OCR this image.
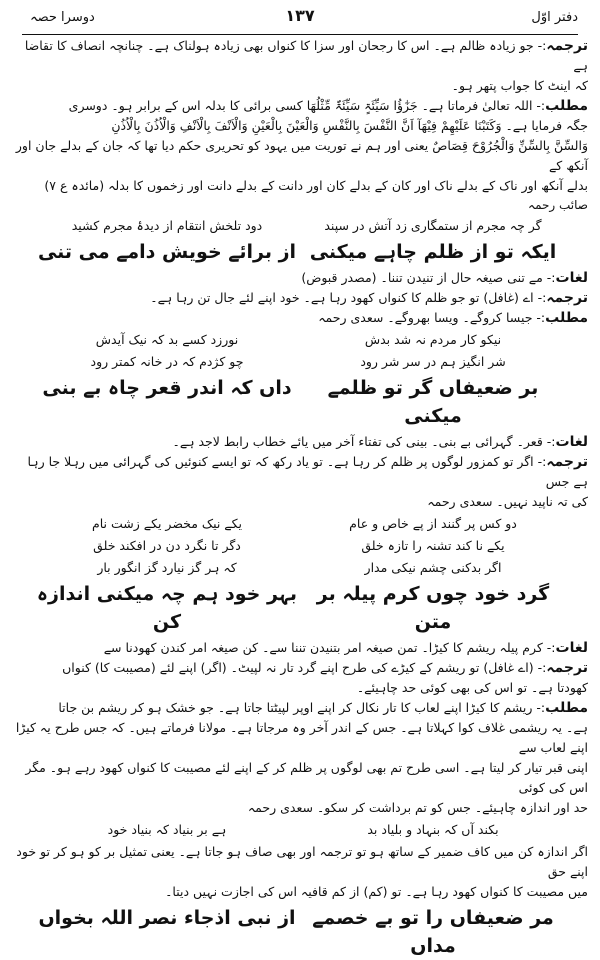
دفتر اوّل
۱۳۷
دوسرا حصہ

ترجمہ:- جو زیادہ ظالم ہے۔ اس کا رجحان اور سزا کا کنواں بھی زیادہ ہولناک ہے۔ چنانچہ انصاف کا تقاضا ہے

کہ اینٹ کا جواب پتھر ہو۔

مطلب:- اللہ تعالیٰ فرماتا ہے۔ جَزٰٓؤُا سَیِّئَۃٍ سَیِّئَۃٌ مِّثْلُھَا کسی برائی کا بدلہ اس کے برابر ہو۔ دوسری

جگہ فرمایا ہے۔ وَکَتَبْنَا عَلَیْھِمْ فِیْھَآ اَنَّ النَّفْسَ بِالنَّفْسِ وَالْعَیْنَ بِالْعَیْنِ وَالْاَنْفَ بِالْاَنْفِ وَالْاُذُنَ بِالْاُذُنِ

وَالسِّنَّ بِالسِّنِّ وَالْجُرُوْحَ قِصَاصٌ یعنی اور ہم نے توریت میں یہود کو تحریری حکم دیا تھا کہ جان کے بدلے جان اور آنکھ کے

بدلے آنکھ اور ناک کے بدلے ناک اور کان کے بدلے کان اور دانت کے بدلے دانت اور زخموں کا بدلہ (مائدہ ع ۷)

صائب رحمہ

گر چہ مجرم از ستمگاری زد آتش در سپند
دود تلخش انتقام از دیدۂ مجرم کشید
ایکہ تو از ظلم چاہے میکنی
از برائے خویش دامے می تنی

لغات:- مے تنی صیغہ حال از تنیدن تننا۔ (مصدر قبوض)

ترجمہ:- اے (غافل) تو جو ظلم کا کنواں کھود رہا ہے۔ خود اپنے لئے جال تن رہا ہے۔

مطلب:- جیسا کروگے۔ ویسا بھروگے۔ سعدی رحمہ

نیکو کار مردم نہ شد بدش
نورزد کسے بد کہ نیک آیدش
شر انگیز ہم در سر شر رود
چو کژدم کہ در خانہ کمتر رود
بر ضعیفاں گر تو ظلمے میکنی
داں کہ اندر قعر چاہ بے بنی

لغات:- قعر۔ گہرائی بے بنی۔ بینی کی تفتاء آخر میں یائے خطاب رابط لاجد ہے۔

ترجمہ:- اگر تو کمزور لوگوں پر ظلم کر رہا ہے۔ تو یاد رکھ کہ تو ایسے کنوئیں کی گہرائی میں رہلا جا رہا ہے جس

کی تہ ناپید نہیں۔ سعدی رحمہ

دو کس پر گنند از پے خاص و عام
یکے نیک مخضر یکے زشت نام
یکے نا کند تشنہ را تازہ خلق
دگر تا نگرد دن در افکند خلق
اگر بدکنی چشم نیکی مدار
کہ ہر گز نیارد گز انگور بار
گرد خود چوں کرم پیلہ بر متن
بہر خود ہم چہ میکنی اندازہ کن

لغات:- کرم پیلہ ریشم کا کیڑا۔ تمن صیغہ امر بتنیدن تننا سے۔ کن صیغہ امر کندن کھودنا سے

ترجمہ:- (اے غافل) تو ریشم کے کیڑے کی طرح اپنے گرد تار نہ لپیٹ۔ (اگر) اپنے لئے (مصیبت کا) کنواں

کھودتا ہے۔ تو اس کی بھی کوئی حد چاہیئے۔

مطلب:- ریشم کا کیڑا اپنے لعاب کا تار نکال کر اپنے اوپر لپیٹتا جاتا ہے۔ جو خشک ہو کر ریشم بن جاتا

ہے۔ یہ ریشمی غلاف کوا کہلاتا ہے۔ جس کے اندر آخر وہ مرجاتا ہے۔ مولانا فرماتے ہیں۔ کہ جس طرح یہ کیڑا اپنے لعاب سے

اپنی قبر تیار کر لیتا ہے۔ اسی طرح تم بھی لوگوں پر ظلم کر کے اپنے لئے مصیبت کا کنواں کھود رہے ہو۔ مگر اس کی کوئی

حد اور اندازہ چاہیئے۔ جس کو تم برداشت کر سکو۔ سعدی رحمہ

بکند آں کہ بنہاد و بلیاد بد
ہے بر بنیاد کہ بنیاد خود

اگر اندازہ کن میں کاف ضمیر کے ساتھ ہو تو ترجمہ اور بھی صاف ہو جاتا ہے۔ یعنی تمثیل بر کو ہو کر تو خود اپنے حق

میں مصیبت کا کنواں کھود رہا ہے۔ تو (کم) از کم قافیہ اس کی اجازت نہیں دیتا۔

مر ضعیفاں را تو بے خصمے مداں
از نبی اذجاء نصر اللہ بخواں
